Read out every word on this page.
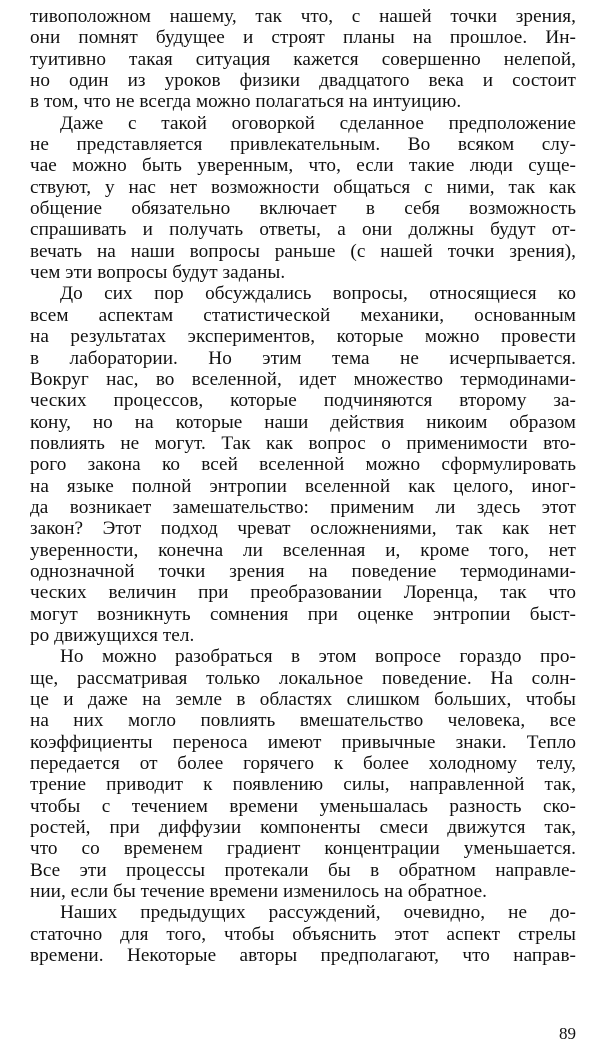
тивоположном нашему, так что, с нашей точки зрения,
они помнят будущее и строят планы на прошлое. Ин-
туитивно такая ситуация кажется совершенно нелепой,
но один из уроков физики двадцатого века и состоит
в том, что не всегда можно полагаться на интуицию.
Даже с такой оговоркой сделанное предположение
не представляется привлекательным. Во всяком слу-
чае можно быть уверенным, что, если такие люди суще-
ствуют, у нас нет возможности общаться с ними, так как
общение обязательно включает в себя возможность
спрашивать и получать ответы, а они должны будут от-
вечать на наши вопросы раньше (с нашей точки зрения),
чем эти вопросы будут заданы.
До сих пор обсуждались вопросы, относящиеся ко
всем аспектам статистической механики, основанным
на результатах экспериментов, которые можно провести
в лаборатории. Но этим тема не исчерпывается.
Вокруг нас, во вселенной, идет множество термодинами-
ческих процессов, которые подчиняются второму за-
кону, но на которые наши действия никоим образом
повлиять не могут. Так как вопрос о применимости вто-
рого закона ко всей вселенной можно сформулировать
на языке полной энтропии вселенной как целого, иног-
да возникает замешательство: применим ли здесь этот
закон? Этот подход чреват осложнениями, так как нет
уверенности, конечна ли вселенная и, кроме того, нет
однозначной точки зрения на поведение термодинами-
ческих величин при преобразовании Лоренца, так что
могут возникнуть сомнения при оценке энтропии быст-
ро движущихся тел.
Но можно разобраться в этом вопросе гораздо про-
ще, рассматривая только локальное поведение. На солн-
це и даже на земле в областях слишком больших, чтобы
на них могло повлиять вмешательство человека, все
коэффициенты переноса имеют привычные знаки. Тепло
передается от более горячего к более холодному телу,
трение приводит к появлению силы, направленной так,
чтобы с течением времени уменьшалась разность ско-
ростей, при диффузии компоненты смеси движутся так,
что со временем градиент концентрации уменьшается.
Все эти процессы протекали бы в обратном направле-
нии, если бы течение времени изменилось на обратное.
Наших предыдущих рассуждений, очевидно, не до-
статочно для того, чтобы объяснить этот аспект стрелы
времени. Некоторые авторы предполагают, что направ-
89
